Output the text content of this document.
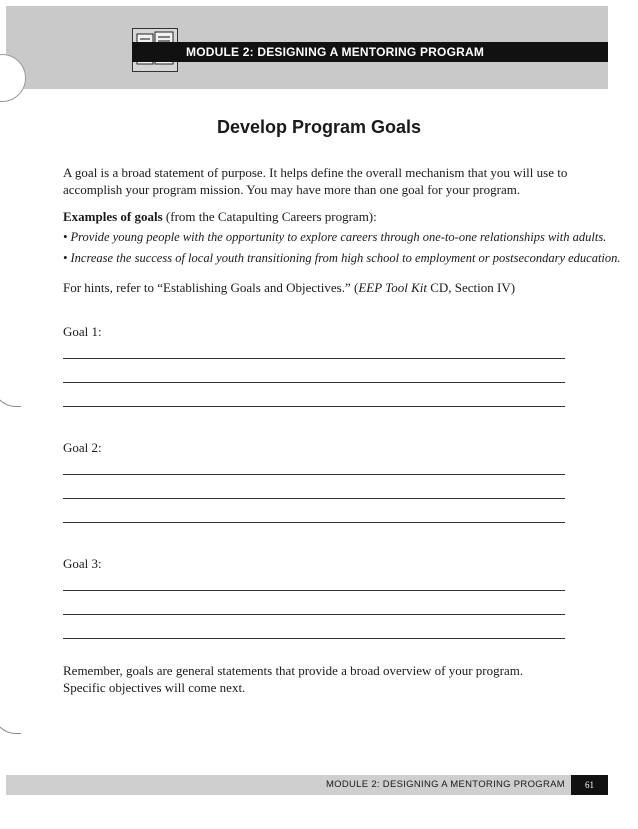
MODULE 2: DESIGNING A MENTORING PROGRAM
Develop Program Goals
A goal is a broad statement of purpose. It helps define the overall mechanism that you will use to accomplish your program mission. You may have more than one goal for your program.
Examples of goals (from the Catapulting Careers program):
• Provide young people with the opportunity to explore careers through one-to-one relationships with adults.
• Increase the success of local youth transitioning from high school to employment or postsecondary education.
For hints, refer to “Establishing Goals and Objectives.” (EEP Tool Kit CD, Section IV)
Goal 1:
Goal 2:
Goal 3:
Remember, goals are general statements that provide a broad overview of your program. Specific objectives will come next.
MODULE 2: DESIGNING A MENTORING PROGRAM	61
